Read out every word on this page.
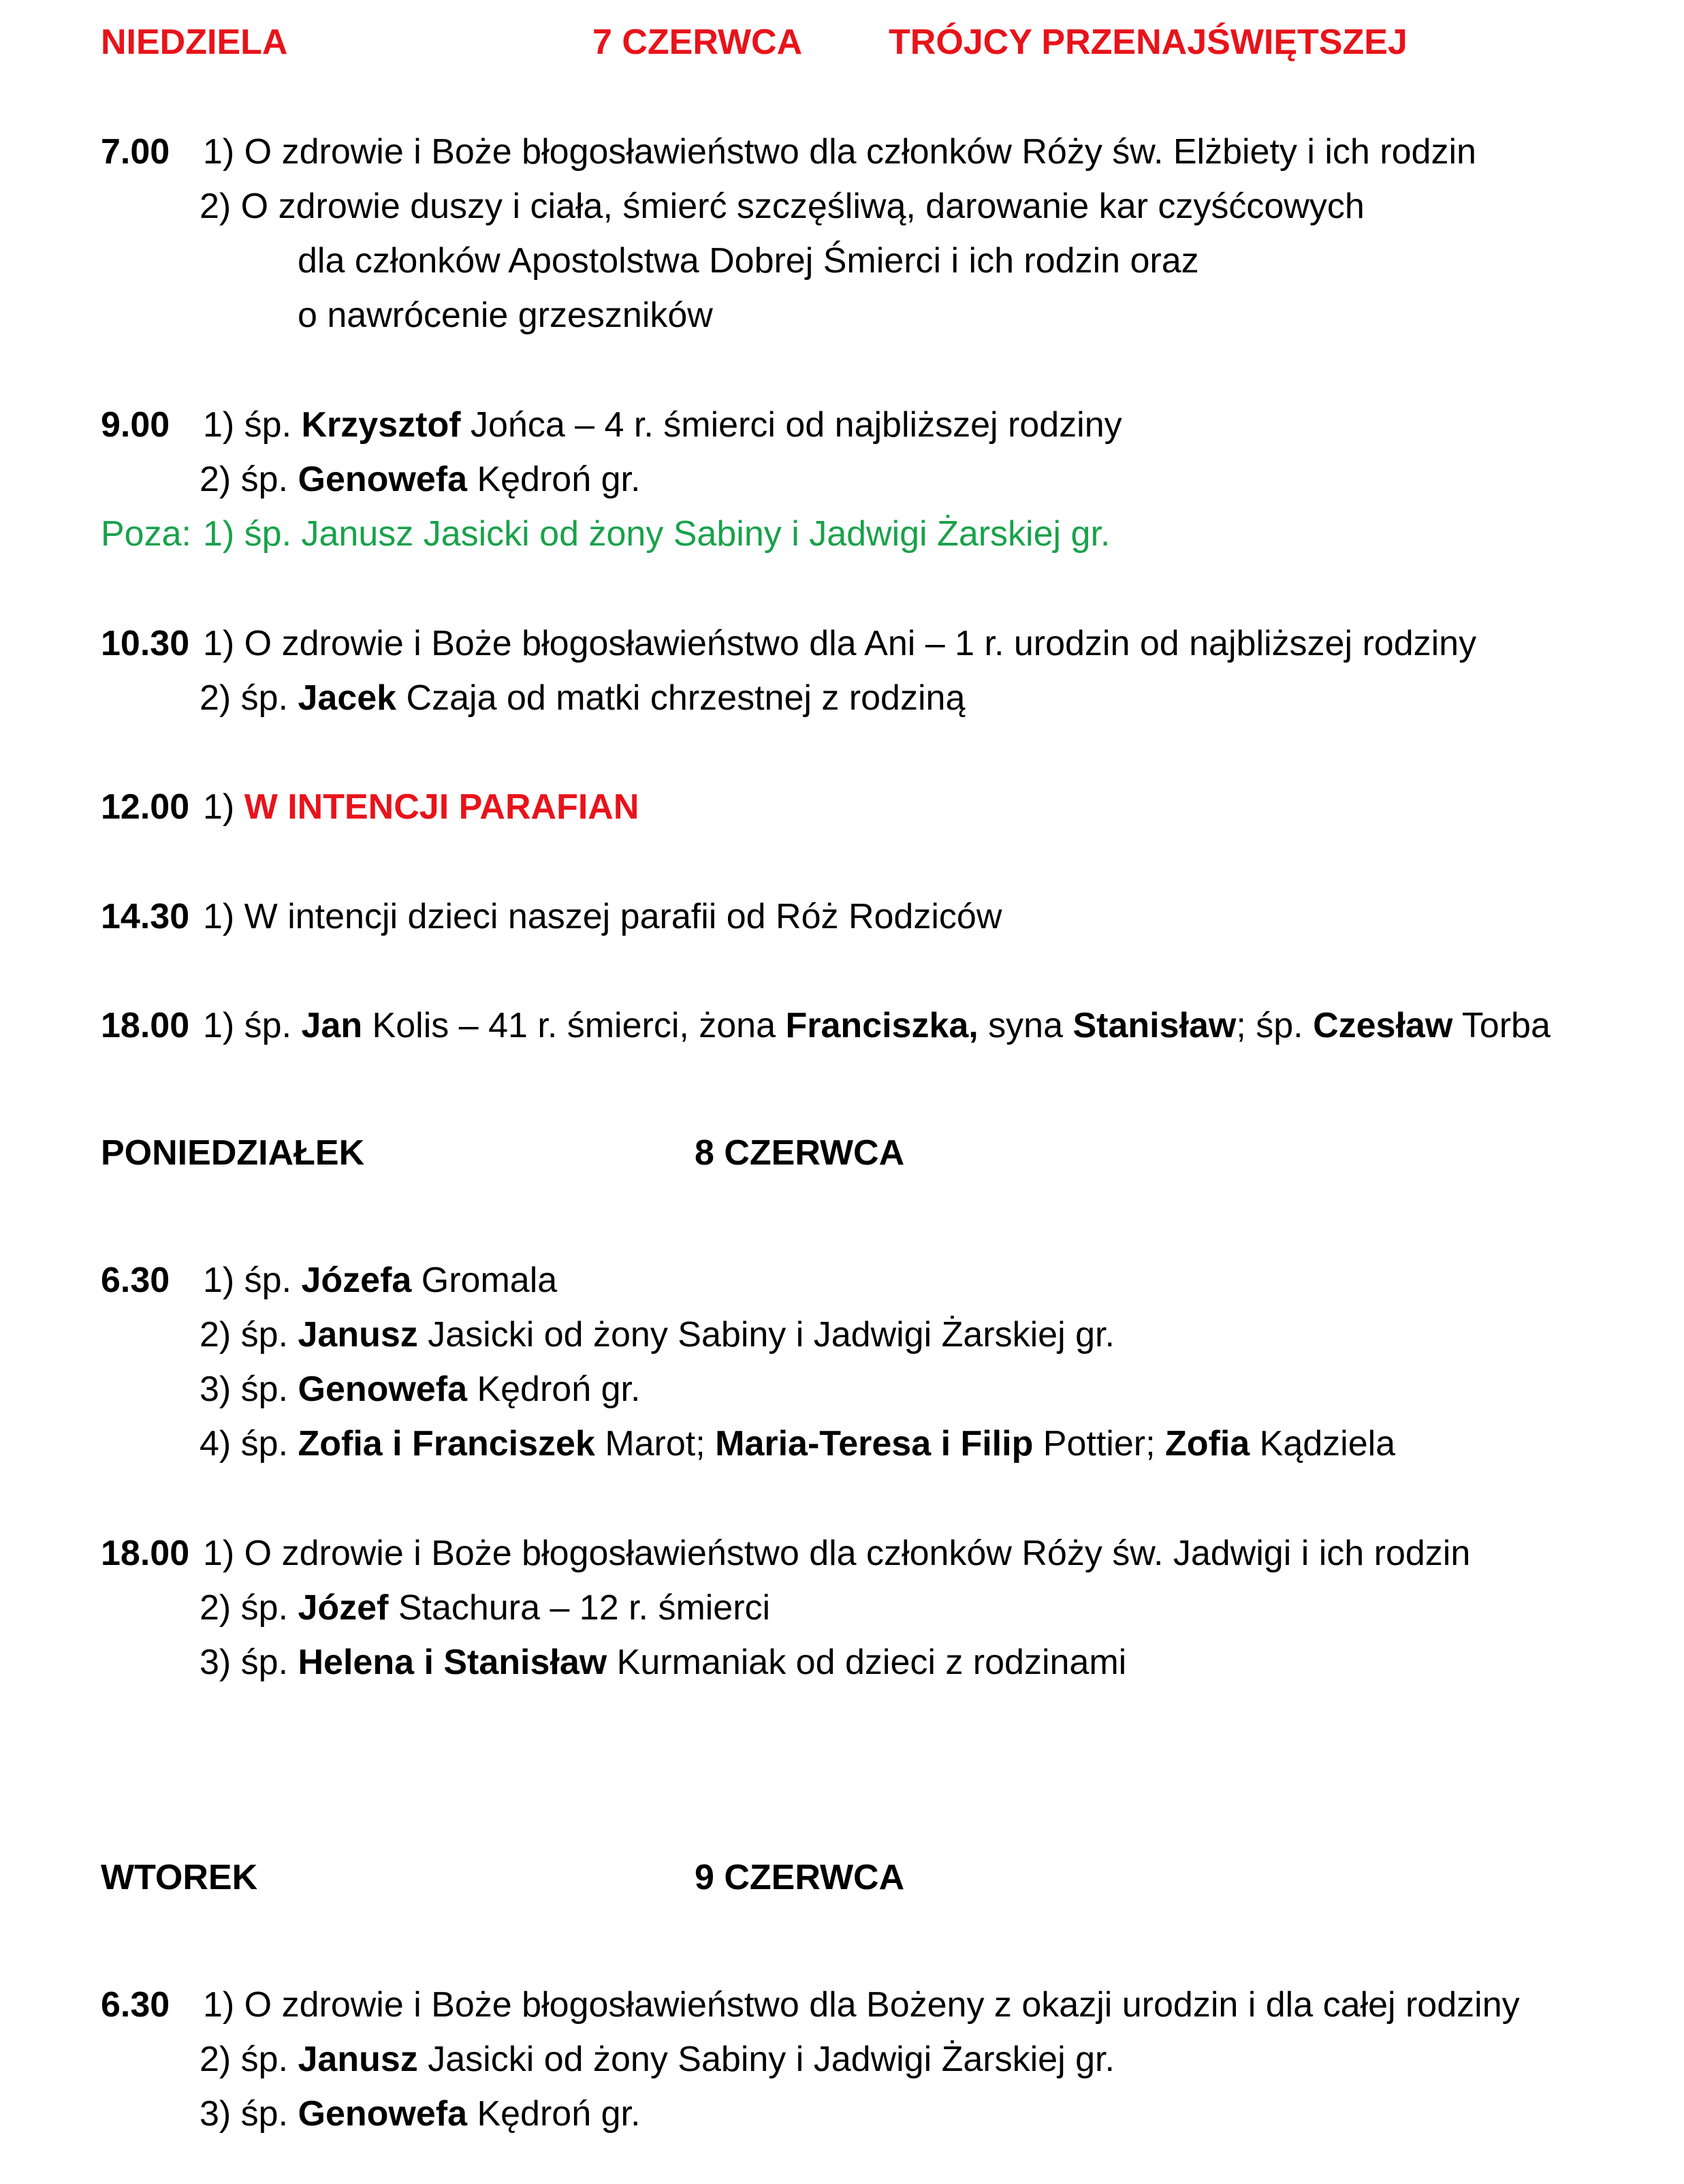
NIEDZIELA	7 CZERWCA TRÓJCY PRZENAJŚWIĘTSZEJ
7.00 1) O zdrowie i Boże błogosławieństwo dla członków Róży św. Elżbiety i ich rodzin
2) O zdrowie duszy i ciała, śmierć szczęśliwą, darowanie kar czyśćcowych
dla członków Apostolstwa Dobrej Śmierci i ich rodzin oraz
o nawrócenie grzeszników
9.00 1) śp. Krzysztof Jońca – 4 r. śmierci od najbliższej rodziny
2) śp. Genowefa Kędroń gr.
Poza: 1) śp. Janusz Jasicki od żony Sabiny i Jadwigi Żarskiej gr.
10.30 1) O zdrowie i Boże błogosławieństwo dla Ani – 1 r. urodzin od najbliższej rodziny
2) śp. Jacek Czaja od matki chrzestnej z rodziną
12.00 1) W INTENCJI PARAFIAN
14.30 1) W intencji dzieci naszej parafii od Róż Rodziców
18.00 1) śp. Jan Kolis – 41 r. śmierci, żona Franciszka, syna Stanisław; śp. Czesław Torba
PONIEDZIAŁEK	8 CZERWCA
6.30 1) śp. Józefa Gromala
2) śp. Janusz Jasicki od żony Sabiny i Jadwigi Żarskiej gr.
3) śp. Genowefa Kędroń gr.
4) śp. Zofia i Franciszek Marot; Maria-Teresa i Filip Pottier; Zofia Kądziela
18.00 1) O zdrowie i Boże błogosławieństwo dla członków Róży św. Jadwigi i ich rodzin
2) śp. Józef Stachura – 12 r. śmierci
3) śp. Helena i Stanisław Kurmaniak od dzieci z rodzinami
WTOREK	9 CZERWCA
6.30 1) O zdrowie i Boże błogosławieństwo dla Bożeny z okazji urodzin i dla całej rodziny
2) śp. Janusz Jasicki od żony Sabiny i Jadwigi Żarskiej gr.
3) śp. Genowefa Kędroń gr.
